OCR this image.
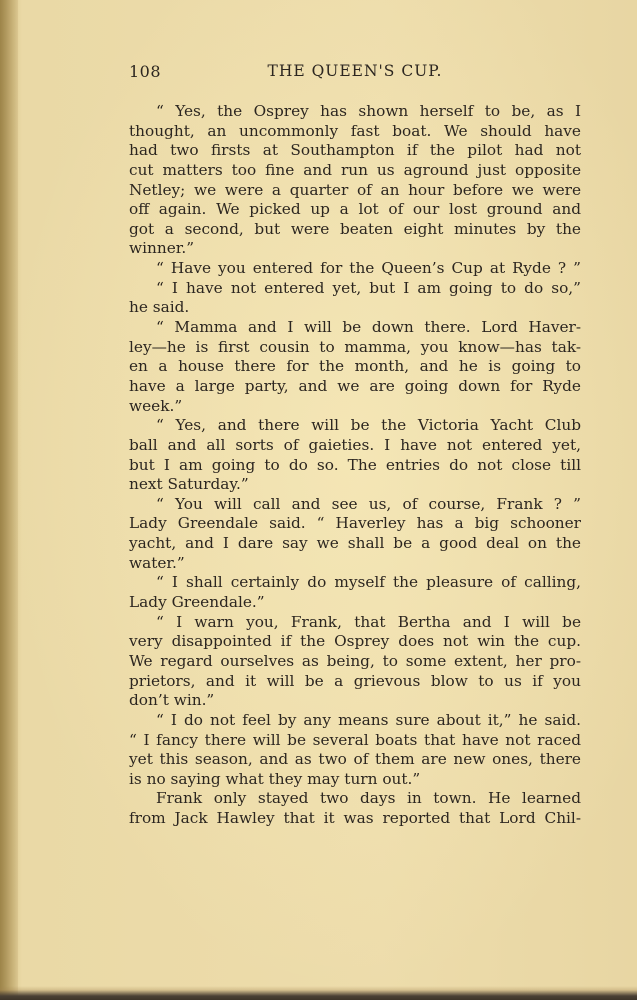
108	THE QUEEN'S CUP.
“ Yes, the Osprey has shown herself to be, as I
thought, an uncommonly fast boat. We should have
had two firsts at Southampton if the pilot had not
cut matters too fine and run us aground just opposite
Netley; we were a quarter of an hour before we were
off again. We picked up a lot of our lost ground and
got a second, but were beaten eight minutes by the
winner.”
“ Have you entered for the Queen’s Cup at Ryde ? ”
“ I have not entered yet, but I am going to do so,”
he said.
“ Mamma and I will be down there. Lord Haver-
ley—he is first cousin to mamma, you know—has tak-
en a house there for the month, and he is going to
have a large party, and we are going down for Ryde
week.”
“ Yes, and there will be the Victoria Yacht Club
ball and all sorts of gaieties. I have not entered yet,
but I am going to do so. The entries do not close till
next Saturday.”
“ You will call and see us, of course, Frank ? ”
Lady Greendale said. “ Haverley has a big schooner
yacht, and I dare say we shall be a good deal on the
water.”
“ I shall certainly do myself the pleasure of calling,
Lady Greendale.”
“ I warn you, Frank, that Bertha and I will be
very disappointed if the Osprey does not win the cup.
We regard ourselves as being, to some extent, her pro-
prietors, and it will be a grievous blow to us if you
don’t win.”
“ I do not feel by any means sure about it,” he said.
“ I fancy there will be several boats that have not raced
yet this season, and as two of them are new ones, there
is no saying what they may turn out.”
Frank only stayed two days in town. He learned
from Jack Hawley that it was reported that Lord Chil-
